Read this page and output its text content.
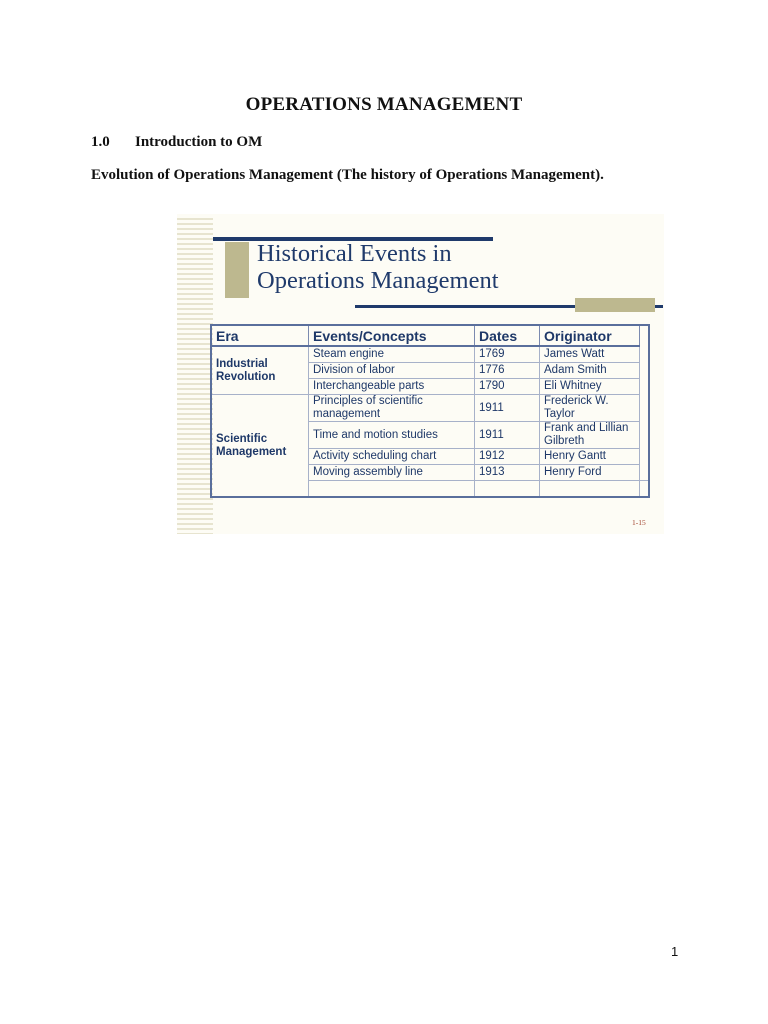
OPERATIONS MANAGEMENT
1.0 Introduction to OM
Evolution of Operations Management (The history of Operations Management).
Historical Events in
Operations Management
Era	Events/Concepts	Dates	Originator	

Industrial
Revolution	Steam engine	1769	James Watt	
	Division of labor	1776	Adam Smith	
	Interchangeable parts	1790	Eli Whitney	

Scientific
Management	Principles of scientific management	1911	Frederick W. Taylor	
	Time and motion studies	1911	Frank and Lillian Gilbreth	
	Activity scheduling chart	1912	Henry Gantt	
	Moving assembly line	1913	Henry Ford	

1-15
1
